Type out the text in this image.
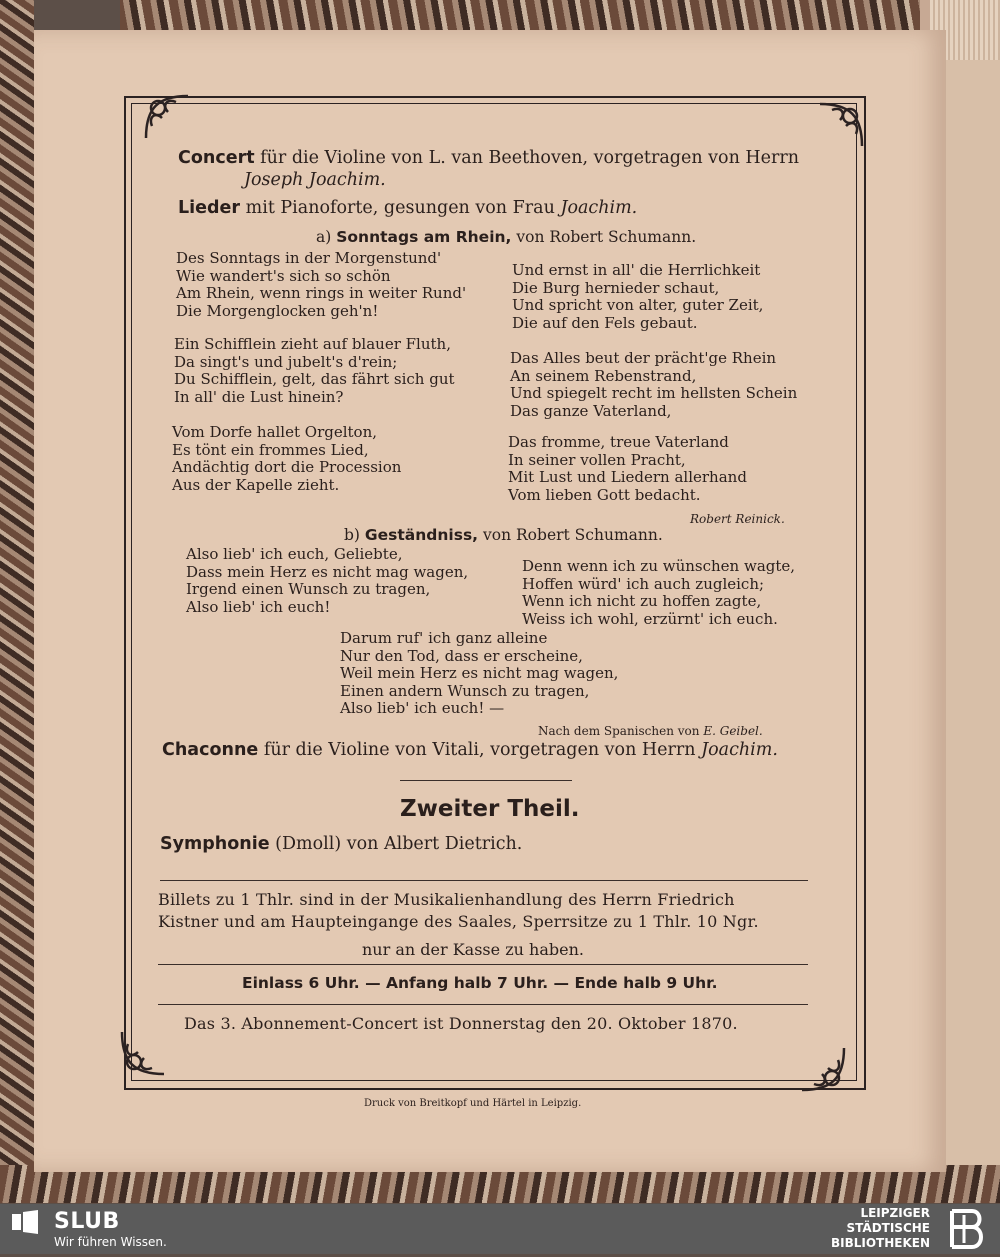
Concert für die Violine von L. van Beethoven, vorgetragen von Herrn
Joseph Joachim.
Lieder mit Pianoforte, gesungen von Frau Joachim.
a) Sonntags am Rhein, von Robert Schumann.
Des Sonntags in der Morgenstund'
Wie wandert's sich so schön
Am Rhein, wenn rings in weiter Rund'
Die Morgenglocken geh'n!
Ein Schifflein zieht auf blauer Fluth,
Da singt's und jubelt's d'rein;
Du Schifflein, gelt, das fährt sich gut
In all' die Lust hinein?
Vom Dorfe hallet Orgelton,
Es tönt ein frommes Lied,
Andächtig dort die Procession
Aus der Kapelle zieht.
Und ernst in all' die Herrlichkeit
Die Burg hernieder schaut,
Und spricht von alter, guter Zeit,
Die auf den Fels gebaut.
Das Alles beut der prächt'ge Rhein
An seinem Rebenstrand,
Und spiegelt recht im hellsten Schein
Das ganze Vaterland,
Das fromme, treue Vaterland
In seiner vollen Pracht,
Mit Lust und Liedern allerhand
Vom lieben Gott bedacht.
Robert Reinick.
b) Geständniss, von Robert Schumann.
Also lieb' ich euch, Geliebte,
Dass mein Herz es nicht mag wagen,
Irgend einen Wunsch zu tragen,
Also lieb' ich euch!
Denn wenn ich zu wünschen wagte,
Hoffen würd' ich auch zugleich;
Wenn ich nicht zu hoffen zagte,
Weiss ich wohl, erzürnt' ich euch.
Darum ruf' ich ganz alleine
Nur den Tod, dass er erscheine,
Weil mein Herz es nicht mag wagen,
Einen andern Wunsch zu tragen,
Also lieb' ich euch! —
Nach dem Spanischen von E. Geibel.
Chaconne für die Violine von Vitali, vorgetragen von Herrn Joachim.
Zweiter Theil.
Symphonie (Dmoll) von Albert Dietrich.
Billets zu 1 Thlr. sind in der Musikalienhandlung des Herrn Friedrich
Kistner und am Haupteingange des Saales, Sperrsitze zu 1 Thlr. 10 Ngr.
nur an der Kasse zu haben.
Einlass 6 Uhr. — Anfang halb 7 Uhr. — Ende halb 9 Uhr.
Das 3. Abonnement-Concert ist Donnerstag den 20. Oktober 1870.
Druck von Breitkopf und Härtel in Leipzig.
SLUB
Wir führen Wissen.
LEIPZIGER
STÄDTISCHE
BIBLIOTHEKEN
